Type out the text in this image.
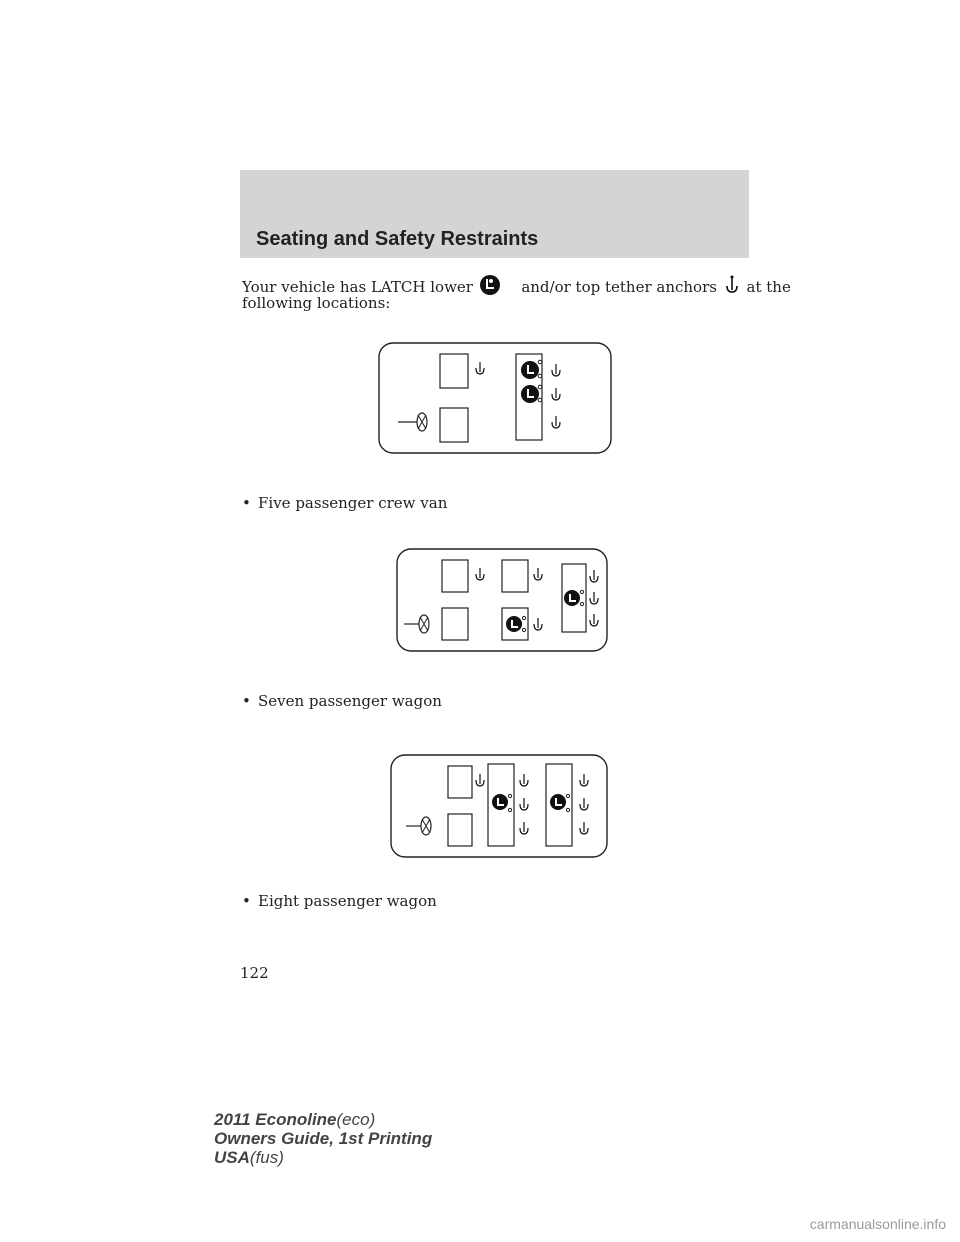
Seating and Safety Restraints
Your vehicle has LATCH lower	and/or top tether anchors at the
following locations:
• Five passenger crew van
• Seven passenger wagon
• Eight passenger wagon
122
2011 Econoline(eco)
Owners Guide, 1st Printing
USA(fus)
carmanualsonline.info
